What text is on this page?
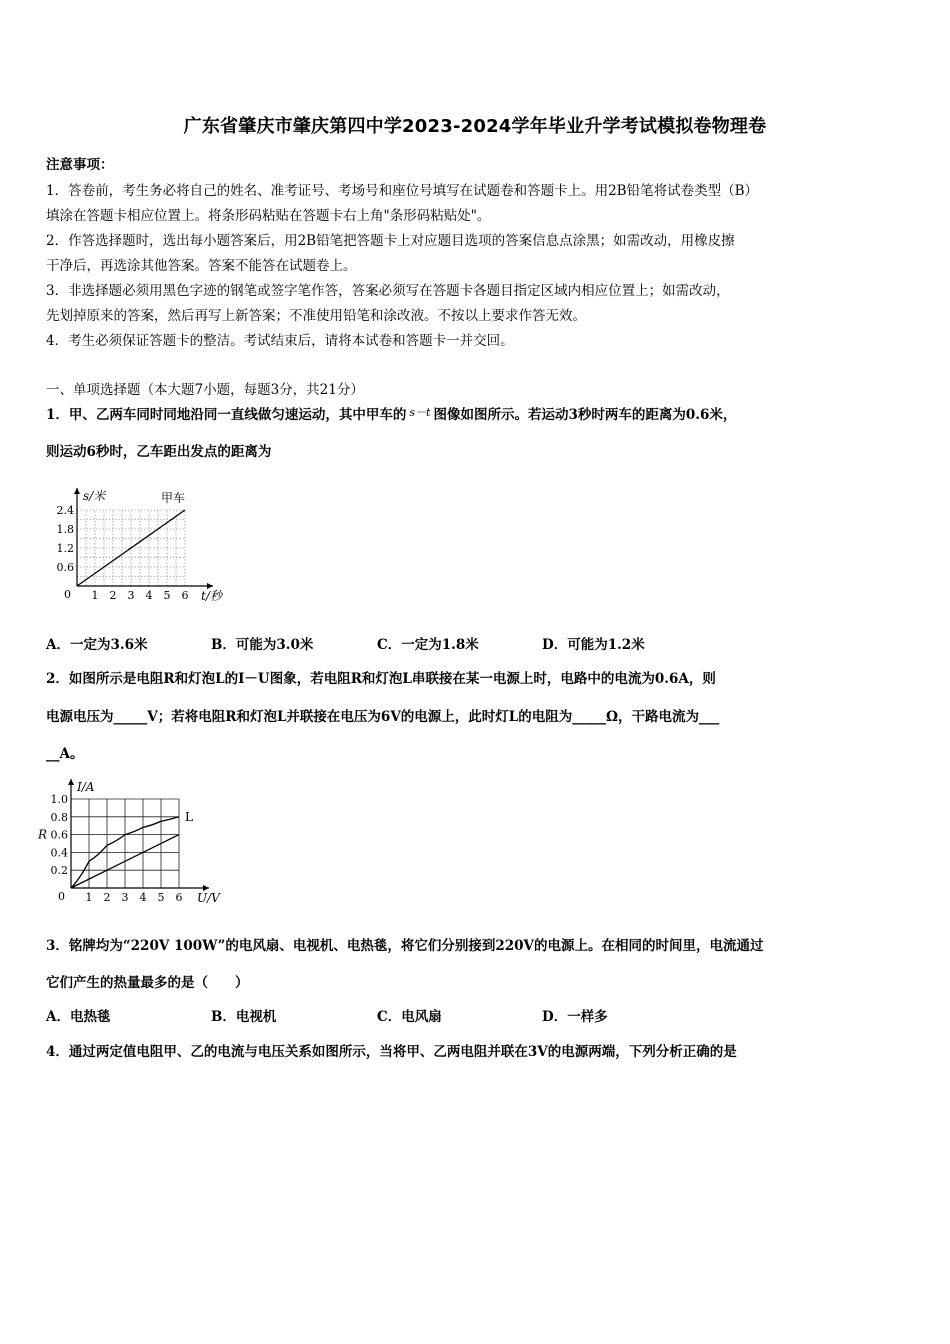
广东省肇庆市肇庆第四中学2023-2024学年毕业升学考试模拟卷物理卷
注意事项：
1．答卷前，考生务必将自己的姓名、准考证号、考场号和座位号填写在试题卷和答题卡上。用2B铅笔将试卷类型（B）
填涂在答题卡相应位置上。将条形码粘贴在答题卡右上角"条形码粘贴处"。
2．作答选择题时，选出每小题答案后，用2B铅笔把答题卡上对应题目选项的答案信息点涂黑；如需改动，用橡皮擦
干净后，再选涂其他答案。答案不能答在试题卷上。
3．非选择题必须用黑色字迹的钢笔或签字笔作答，答案必须写在答题卡各题目指定区域内相应位置上；如需改动，
先划掉原来的答案，然后再写上新答案；不准使用铅笔和涂改液。不按以上要求作答无效。
4．考生必须保证答题卡的整洁。考试结束后，请将本试卷和答题卡一并交回。
一、单项选择题（本大题7小题，每题3分，共21分）
1．甲、乙两车同时同地沿同一直线做匀速运动，其中甲车的 $^{s-t}$ 图像如图所示。若运动3秒时两车的距离为0.6米，
则运动6秒时，乙车距出发点的距离为
1 2 3 4 5 6
0.6
1.2
1.8
2.4
0	t/秒
s/米	甲车
A．一定为3.6米	B．可能为3.0米	C．一定为1.8米	D．可能为1.2米
2．如图所示是电阻R和灯泡L的I－U图象，若电阻R和灯泡L串联接在某一电源上时，电路中的电流为0.6A，则
电源电压为_____V；若将电阻R和灯泡L并联接在电压为6V的电源上，此时灯L的电阻为_____Ω，干路电流为___
__A。
1 2 3 4 5 6
0.2
0.4
0.6
0.8
1.0
0	U/V
I/A
L
R
3．铭牌均为“220V 100W”的电风扇、电视机、电热毯，将它们分别接到220V的电源上。在相同的时间里，电流通过
它们产生的热量最多的是（　　）
A．电热毯	B．电视机	C．电风扇	D．一样多
4．通过两定值电阻甲、乙的电流与电压关系如图所示，当将甲、乙两电阻并联在3V的电源两端，下列分析正确的是
